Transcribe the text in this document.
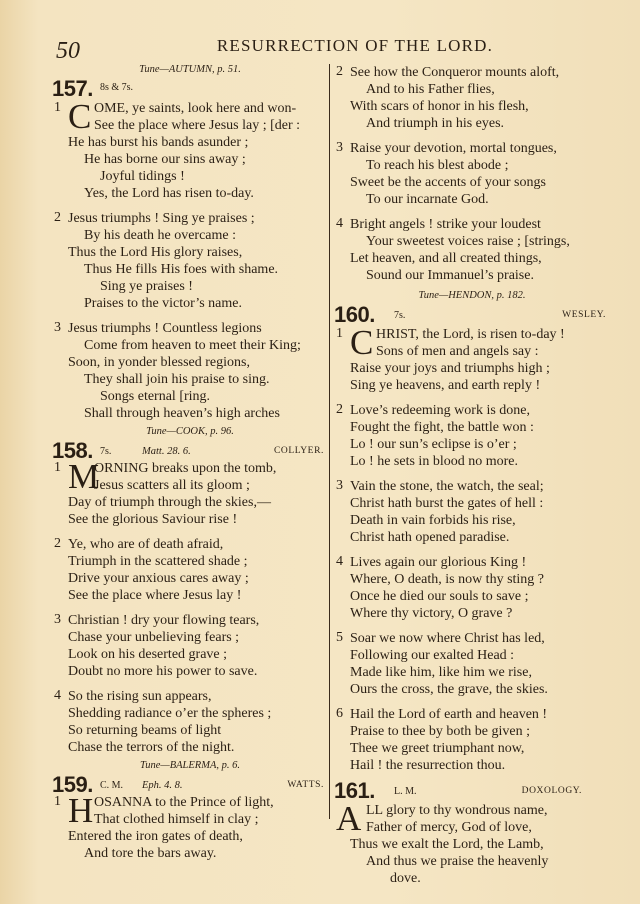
50	RESURRECTION OF THE LORD.
Tune—AUTUMN, p. 51.
157. 8s & 7s.
1 C OME, ye saints, look here and won-
See the place where Jesus lay ; [der :
He has burst his bands asunder ;
He has borne our sins away ;
Joyful tidings !
Yes, the Lord has risen to-day.
2 Jesus triumphs ! Sing ye praises ;
By his death he overcame :
Thus the Lord His glory raises,
Thus He fills His foes with shame.
Sing ye praises !
Praises to the victor’s name.
3 Jesus triumphs ! Countless legions
Come from heaven to meet their King;
Soon, in yonder blessed regions,
They shall join his praise to sing.
Songs eternal [ring.
Shall through heaven’s high arches
Tune—COOK, p. 96.
158. 7s.	Matt. 28. 6.	COLLYER.
1 M
ORNING breaks upon the tomb,
Jesus scatters all its gloom ;
Day of triumph through the skies,—
See the glorious Saviour rise !
2 Ye, who are of death afraid,
Triumph in the scattered shade ;
Drive your anxious cares away ;
See the place where Jesus lay !
3 Christian ! dry your flowing tears,
Chase your unbelieving fears ;
Look on his deserted grave ;
Doubt no more his power to save.
4 So the rising sun appears,
Shedding radiance o’er the spheres ;
So returning beams of light
Chase the terrors of the night.
Tune—BALERMA, p. 6.
159. C. M. Eph. 4. 8.	WATTS.
1 H OSANNA to the Prince of light,
That clothed himself in clay ;
Entered the iron gates of death,
And tore the bars away.
2 See how the Conqueror mounts aloft,
And to his Father flies,
With scars of honor in his flesh,
And triumph in his eyes.
3 Raise your devotion, mortal tongues,
To reach his blest abode ;
Sweet be the accents of your songs
To our incarnate God.
4 Bright angels ! strike your loudest
Your sweetest voices raise ; [strings,
Let heaven, and all created things,
Sound our Immanuel’s praise.
Tune—HENDON, p. 182.
160. 7s.	WESLEY.
1 C HRIST, the Lord, is risen to-day !
Sons of men and angels say :
Raise your joys and triumphs high ;
Sing ye heavens, and earth reply !
2 Love’s redeeming work is done,
Fought the fight, the battle won :
Lo ! our sun’s eclipse is o’er ;
Lo ! he sets in blood no more.
3 Vain the stone, the watch, the seal;
Christ hath burst the gates of hell :
Death in vain forbids his rise,
Christ hath opened paradise.
4 Lives again our glorious King !
Where, O death, is now thy sting ?
Once he died our souls to save ;
Where thy victory, O grave ?
5 Soar we now where Christ has led,
Following our exalted Head :
Made like him, like him we rise,
Ours the cross, the grave, the skies.
6 Hail the Lord of earth and heaven !
Praise to thee by both be given ;
Thee we greet triumphant now,
Hail ! the resurrection thou.
161. L. M.	DOXOLOGY.
A LL glory to thy wondrous name,
Father of mercy, God of love,
Thus we exalt the Lord, the Lamb,
And thus we praise the heavenly
dove.
